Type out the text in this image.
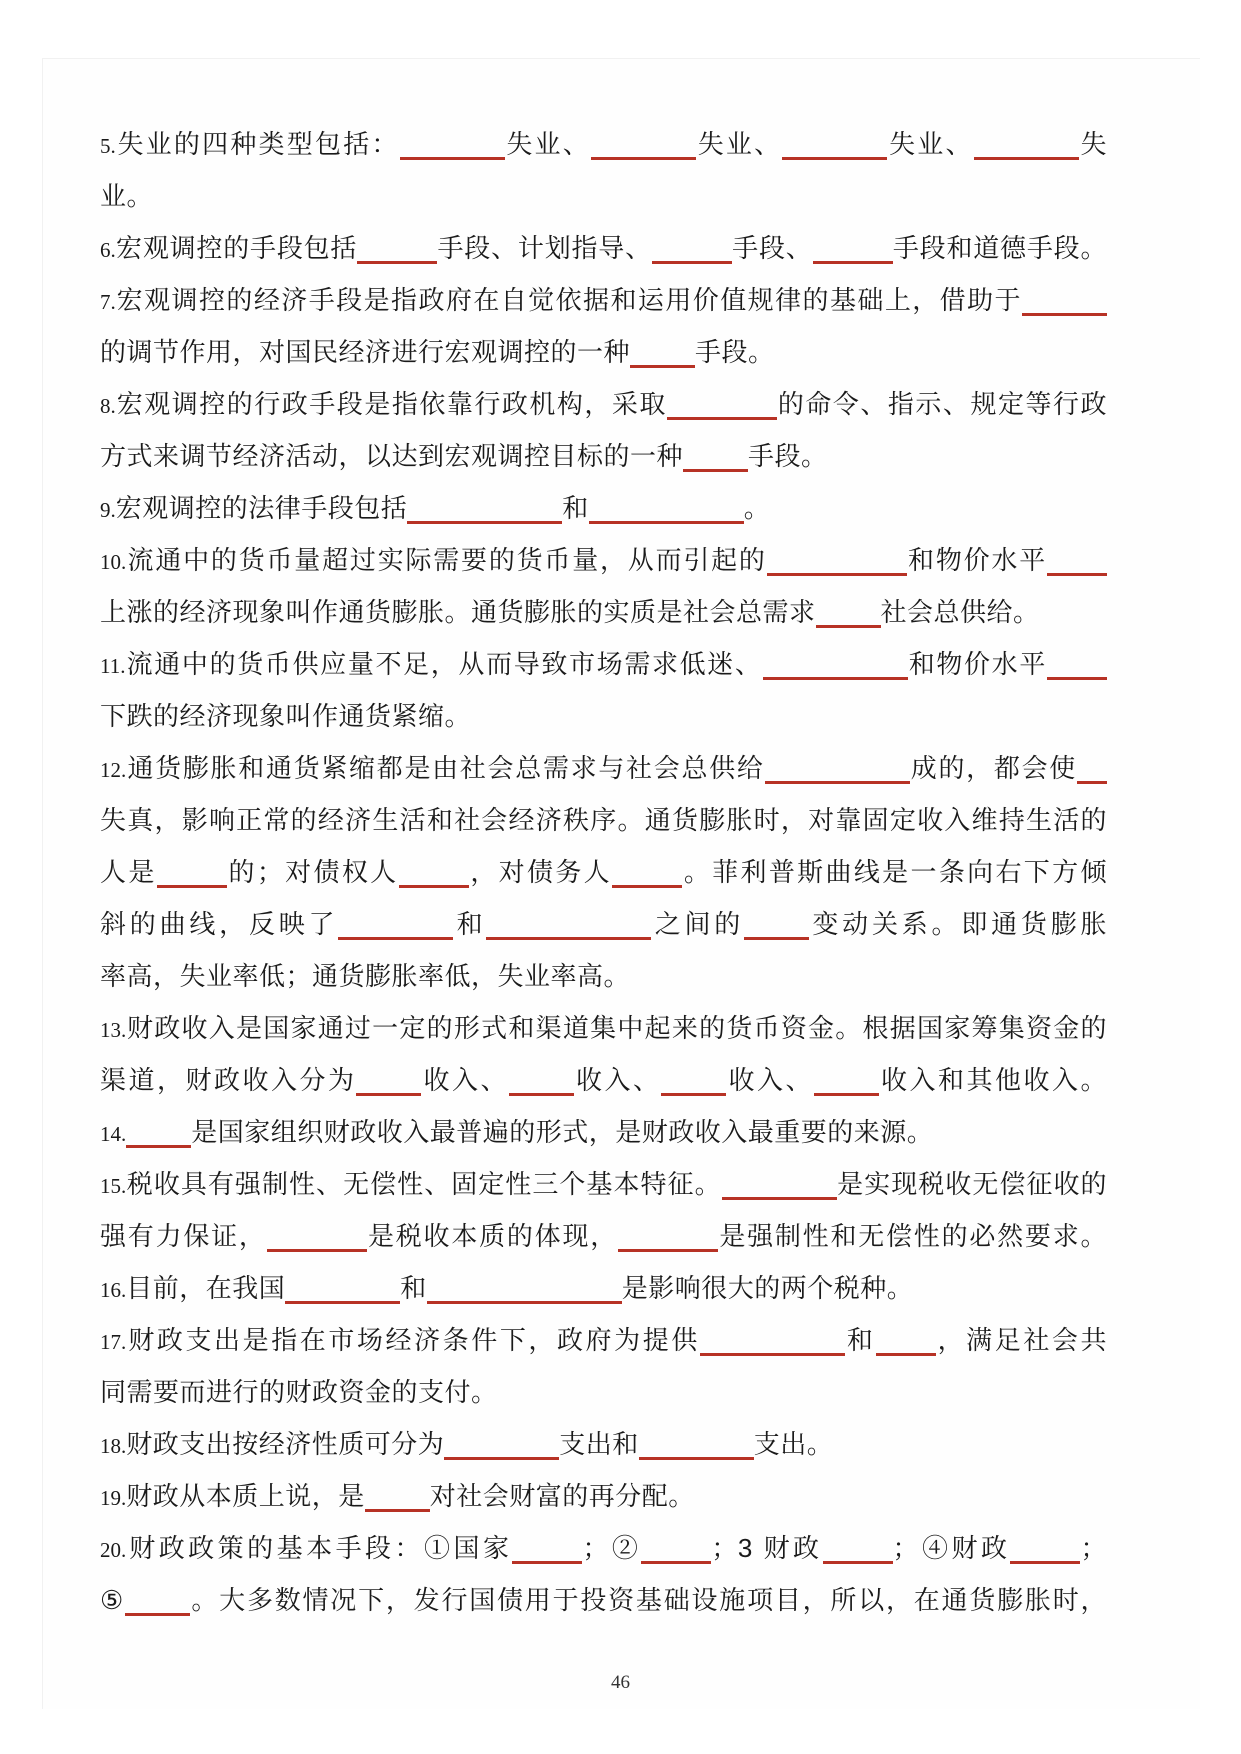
5.失业的四种类型包括：	失业、	失业、	失业、	失
业。
6.宏观调控的手段包括	手段、计划指导、	手段、	手段和道德手段。
7.宏观调控的经济手段是指政府在自觉依据和运用价值规律的基础上，借助于
的调节作用，对国民经济进行宏观调控的一种	手段。
8.宏观调控的行政手段是指依靠行政机构，采取	的命令、指示、规定等行政
方式来调节经济活动，以达到宏观调控目标的一种	手段。
9.宏观调控的法律手段包括	和	。
10.流通中的货币量超过实际需要的货币量，从而引起的	和物价水平
上涨的经济现象叫作通货膨胀。通货膨胀的实质是社会总需求	社会总供给。
11.流通中的货币供应量不足，从而导致市场需求低迷、	和物价水平
下跌的经济现象叫作通货紧缩。
12.通货膨胀和通货紧缩都是由社会总需求与社会总供给	成的，都会使
失真，影响正常的经济生活和社会经济秩序。通货膨胀时，对靠固定收入维持生活的
人是	的；对债权人	，对债务人	。菲利普斯曲线是一条向右下方倾
斜的曲线，反映了	和	之间的	变动关系。即通货膨胀
率高，失业率低；通货膨胀率低，失业率高。
13.财政收入是国家通过一定的形式和渠道集中起来的货币资金。根据国家筹集资金的
渠道，财政收入分为	收入、	收入、	收入、	收入和其他收入。
14.	是国家组织财政收入最普遍的形式，是财政收入最重要的来源。
15.税收具有强制性、无偿性、固定性三个基本特征。	是实现税收无偿征收的
强有力保证，	是税收本质的体现，	是强制性和无偿性的必然要求。
16.目前，在我国	和	是影响很大的两个税种。
17.财政支出是指在市场经济条件下，政府为提供	和 ，满足社会共
同需要而进行的财政资金的支付。
18.财政支出按经济性质可分为	支出和	支出。
19.财政从本质上说，是	对社会财富的再分配。
20.财政政策的基本手段：①国家	；②	；3 财政	；④财政	；
⑤	。大多数情况下，发行国债用于投资基础设施项目，所以，在通货膨胀时，
46
